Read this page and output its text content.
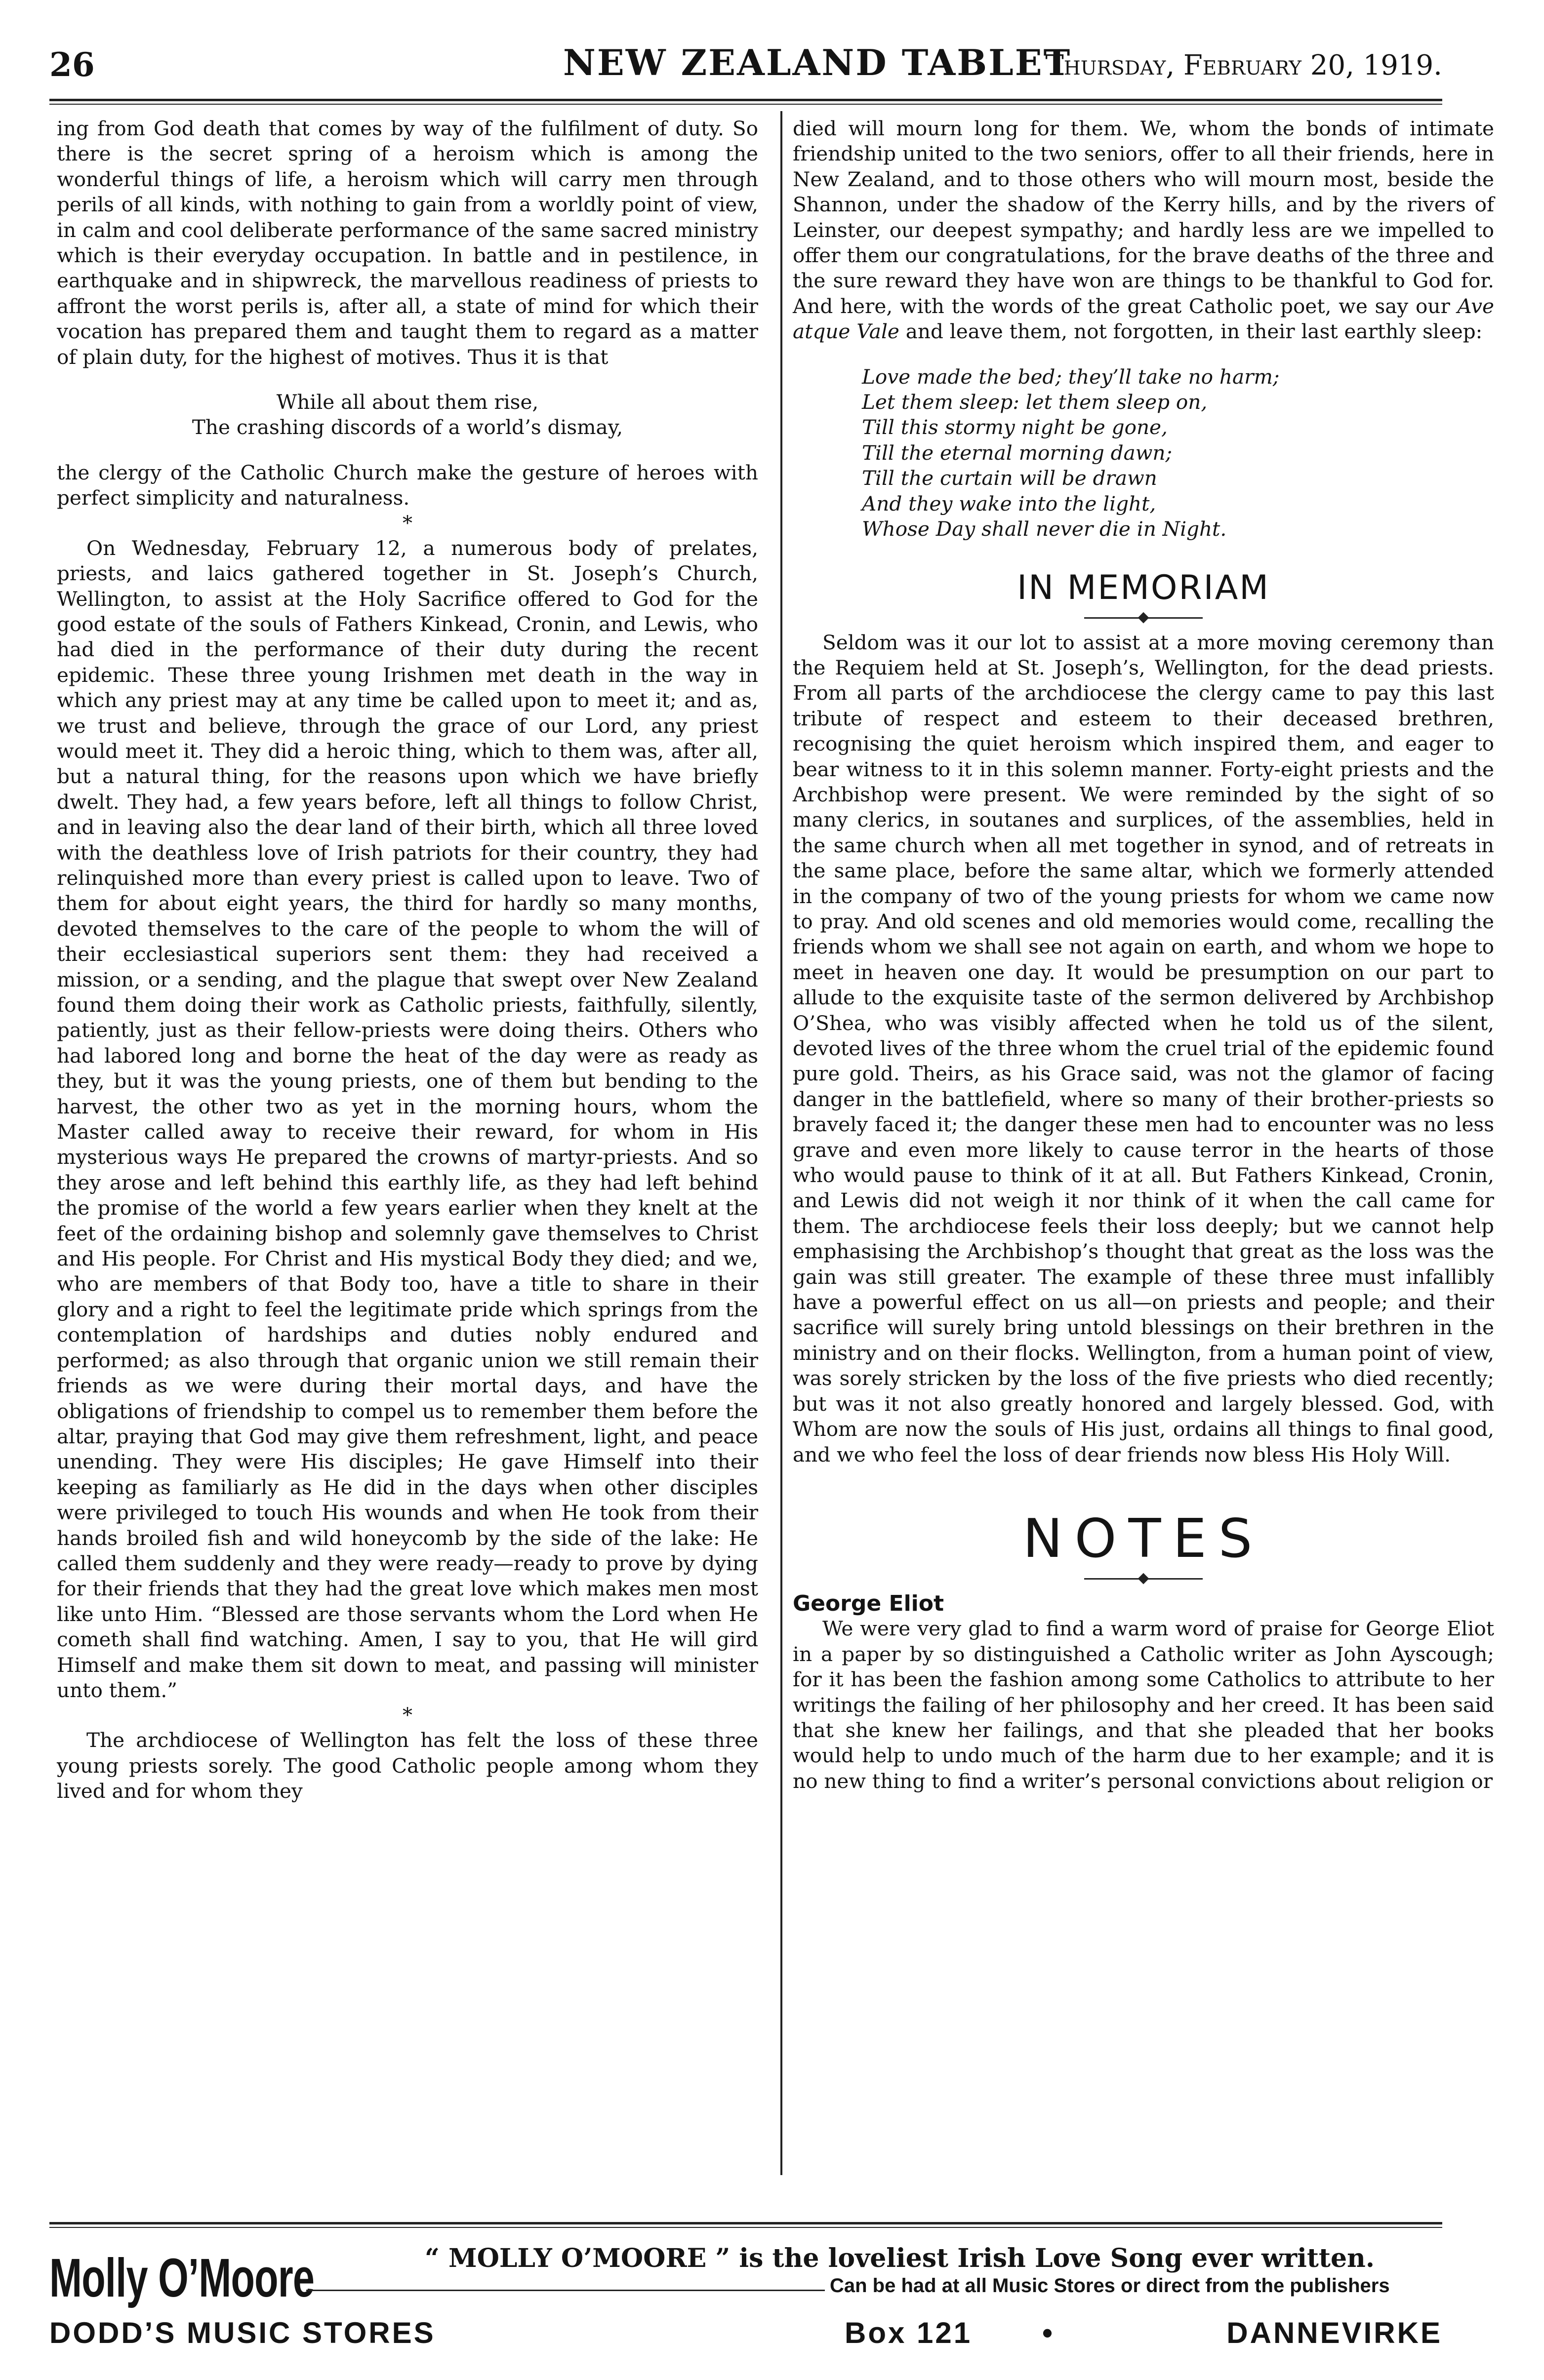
26	NEW ZEALAND TABLET
Thursday, February 20, 1919.

ing from God death that comes by way of the fulfilment of duty. So there is the secret spring of a heroism which is among the wonderful things of life, a heroism which will carry men through perils of all kinds, with nothing to gain from a worldly point of view, in calm and cool deliberate performance of the same sacred ministry which is their everyday occupation. In battle and in pestilence, in earthquake and in shipwreck, the marvellous readiness of priests to affront the worst perils is, after all, a state of mind for which their vocation has prepared them and taught them to regard as a matter of plain duty, for the highest of motives. Thus it is that

While all about them rise,

The crashing discords of a world’s dismay,

the clergy of the Catholic Church make the gesture of heroes with perfect simplicity and naturalness.

*

On Wednesday, February 12, a numerous body of prelates, priests, and laics gathered together in St. Joseph’s Church, Wellington, to assist at the Holy Sacrifice offered to God for the good estate of the souls of Fathers Kinkead, Cronin, and Lewis, who had died in the performance of their duty during the recent epidemic. These three young Irishmen met death in the way in which any priest may at any time be called upon to meet it; and as, we trust and believe, through the grace of our Lord, any priest would meet it. They did a heroic thing, which to them was, after all, but a natural thing, for the reasons upon which we have briefly dwelt. They had, a few years before, left all things to follow Christ, and in leaving also the dear land of their birth, which all three loved with the deathless love of Irish patriots for their country, they had relinquished more than every priest is called upon to leave. Two of them for about eight years, the third for hardly so many months, devoted themselves to the care of the people to whom the will of their ecclesiastical superiors sent them: they had received a mission, or a sending, and the plague that swept over New Zealand found them doing their work as Catholic priests, faithfully, silently, patiently, just as their fellow-priests were doing theirs. Others who had labored long and borne the heat of the day were as ready as they, but it was the young priests, one of them but bending to the harvest, the other two as yet in the morning hours, whom the Master called away to receive their reward, for whom in His mysterious ways He prepared the crowns of martyr-priests. And so they arose and left behind this earthly life, as they had left behind the promise of the world a few years earlier when they knelt at the feet of the ordaining bishop and solemnly gave themselves to Christ and His people. For Christ and His mystical Body they died; and we, who are members of that Body too, have a title to share in their glory and a right to feel the legitimate pride which springs from the contemplation of hardships and duties nobly endured and performed; as also through that organic union we still remain their friends as we were during their mortal days, and have the obligations of friendship to compel us to remember them before the altar, praying that God may give them refreshment, light, and peace unending. They were His disciples; He gave Himself into their keeping as familiarly as He did in the days when other disciples were privileged to touch His wounds and when He took from their hands broiled fish and wild honeycomb by the side of the lake: He called them suddenly and they were ready—ready to prove by dying for their friends that they had the great love which makes men most like unto Him. “Blessed are those servants whom the Lord when He cometh shall find watching. Amen, I say to you, that He will gird Himself and make them sit down to meat, and passing will minister unto them.”

*

The archdiocese of Wellington has felt the loss of these three young priests sorely. The good Catholic people among whom they lived and for whom they

died will mourn long for them. We, whom the bonds of intimate friendship united to the two seniors, offer to all their friends, here in New Zealand, and to those others who will mourn most, beside the Shannon, under the shadow of the Kerry hills, and by the rivers of Leinster, our deepest sympathy; and hardly less are we impelled to offer them our congratulations, for the brave deaths of the three and the sure reward they have won are things to be thankful to God for. And here, with the words of the great Catholic poet, we say our Ave atque Vale and leave them, not forgotten, in their last earthly sleep:

Love made the bed; they’ll take no harm;
Let them sleep: let them sleep on,
Till this stormy night be gone,
Till the eternal morning dawn;
Till the curtain will be drawn
And they wake into the light,
Whose Day shall never die in Night.
IN MEMORIAM

Seldom was it our lot to assist at a more moving ceremony than the Requiem held at St. Joseph’s, Wellington, for the dead priests. From all parts of the archdiocese the clergy came to pay this last tribute of respect and esteem to their deceased brethren, recognising the quiet heroism which inspired them, and eager to bear witness to it in this solemn manner. Forty-eight priests and the Archbishop were present. We were reminded by the sight of so many clerics, in soutanes and surplices, of the assemblies, held in the same church when all met together in synod, and of retreats in the same place, before the same altar, which we formerly attended in the company of two of the young priests for whom we came now to pray. And old scenes and old memories would come, recalling the friends whom we shall see not again on earth, and whom we hope to meet in heaven one day. It would be presumption on our part to allude to the exquisite taste of the sermon delivered by Archbishop O’Shea, who was visibly affected when he told us of the silent, devoted lives of the three whom the cruel trial of the epidemic found pure gold. Theirs, as his Grace said, was not the glamor of facing danger in the battlefield, where so many of their brother-priests so bravely faced it; the danger these men had to encounter was no less grave and even more likely to cause terror in the hearts of those who would pause to think of it at all. But Fathers Kinkead, Cronin, and Lewis did not weigh it nor think of it when the call came for them. The archdiocese feels their loss deeply; but we cannot help emphasising the Archbishop’s thought that great as the loss was the gain was still greater. The example of these three must infallibly have a powerful effect on us all—on priests and people; and their sacrifice will surely bring untold blessings on their brethren in the ministry and on their flocks. Wellington, from a human point of view, was sorely stricken by the loss of the five priests who died recently; but was it not also greatly honored and largely blessed. God, with Whom are now the souls of His just, ordains all things to final good, and we who feel the loss of dear friends now bless His Holy Will.

NOTES

George Eliot

We were very glad to find a warm word of praise for George Eliot in a paper by so distinguished a Catholic writer as John Ayscough; for it has been the fashion among some Catholics to attribute to her writings the failing of her philosophy and her creed. It has been said that she knew her failings, and that she pleaded that her books would help to undo much of the harm due to her example; and it is no new thing to find a writer’s personal convictions about religion or

Molly O’Moore	“ MOLLY O’MOORE ” is the loveliest Irish Love Song ever written.
Can be had at all Music Stores or direct from the publishers
DODD’S MUSIC STORES	Box 121 •	DANNEVIRKE
